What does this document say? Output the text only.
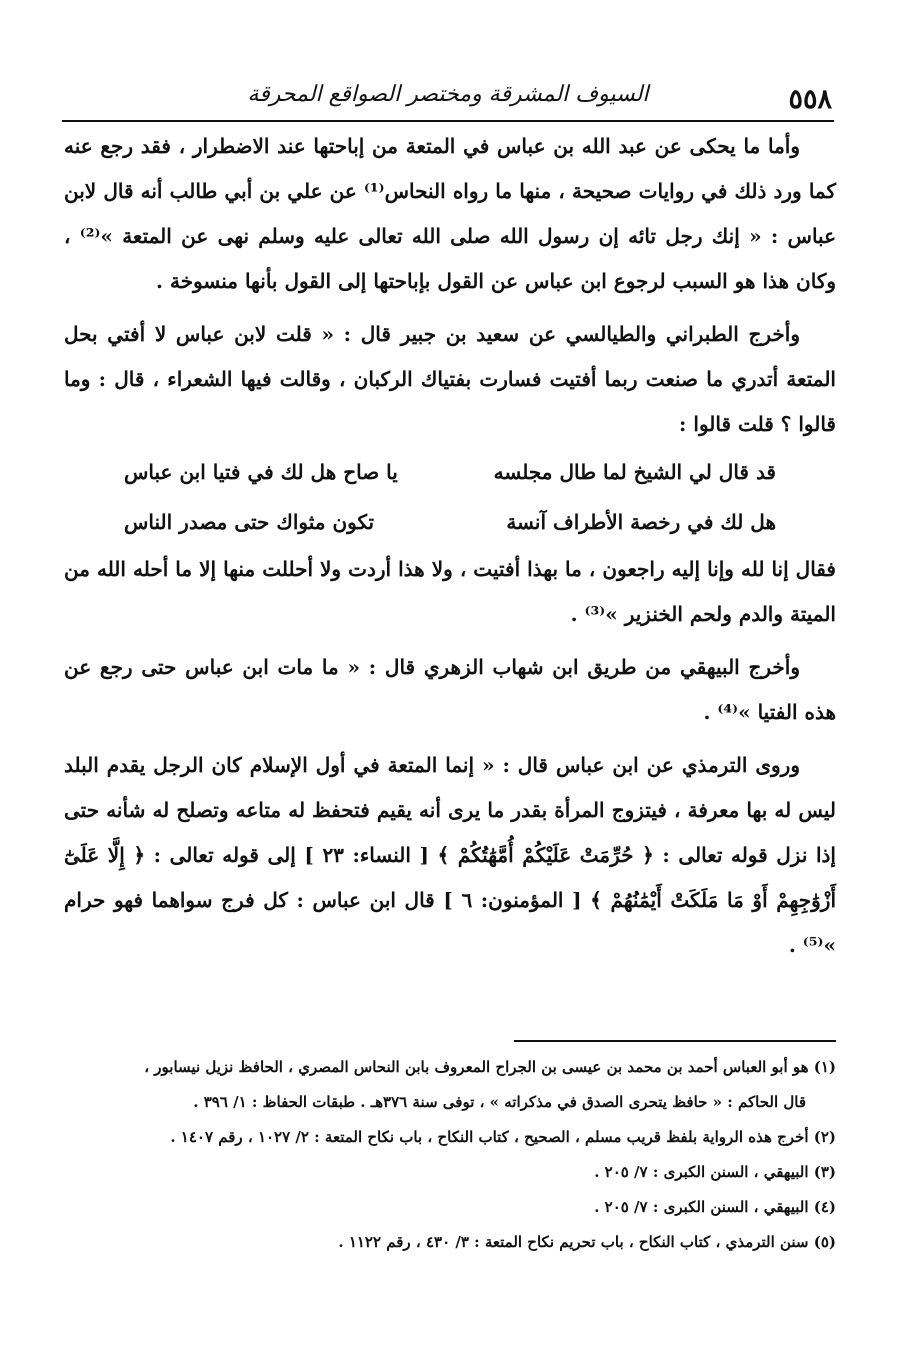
٥٥٨
السيوف المشرقة ومختصر الصواقع المحرقة

وأما ما يحكى عن عبد الله بن عباس في المتعة من إباحتها عند الاضطرار ، فقد رجع عنه كما ورد ذلك في روايات صحيحة ، منها ما رواه النحاس⁽¹⁾ عن علي بن أبي طالب أنه قال لابن عباس : « إنك رجل تائه إن رسول الله صلى الله تعالى عليه وسلم نهى عن المتعة »⁽²⁾ ، وكان هذا هو السبب لرجوع ابن عباس عن القول بإباحتها إلى القول بأنها منسوخة .

وأخرج الطبراني والطيالسي عن سعيد بن جبير قال : « قلت لابن عباس لا أفتي بحل المتعة أتدري ما صنعت ربما أفتيت فسارت بفتياك الركبان ، وقالت فيها الشعراء ، قال : وما قالوا ؟ قلت قالوا :

قد قال لي الشيخ لما طال مجلسه
يا صاح هل لك في فتيا ابن عباس
هل لك في رخصة الأطراف آنسة
تكون مثواك حتى مصدر الناس

فقال إنا لله وإنا إليه راجعون ، ما بهذا أفتيت ، ولا هذا أردت ولا أحللت منها إلا ما أحله الله من الميتة والدم ولحم الخنزير »⁽³⁾ .

وأخرج البيهقي من طريق ابن شهاب الزهري قال : « ما مات ابن عباس حتى رجع عن هذه الفتيا »⁽⁴⁾ .

وروى الترمذي عن ابن عباس قال : « إنما المتعة في أول الإسلام كان الرجل يقدم البلد ليس له بها معرفة ، فيتزوج المرأة بقدر ما يرى أنه يقيم فتحفظ له متاعه وتصلح له شأنه حتى إذا نزل قوله تعالى : ﴿ حُرِّمَتْ عَلَيْكُمْ أُمَّهَٰتُكُمْ ﴾ [ النساء: ٢٣ ] إلى قوله تعالى : ﴿ إِلَّا عَلَىٰٓ أَزْوَٰجِهِمْ أَوْ مَا مَلَكَتْ أَيْمَٰنُهُمْ ﴾ [ المؤمنون: ٦ ] قال ابن عباس : كل فرج سواهما فهو حرام »⁽⁵⁾ .

(١) هو أبو العباس أحمد بن محمد بن عيسى بن الجراح المعروف بابن النحاس المصري ، الحافظ نزيل نيسابور ،

قال الحاكم : « حافظ يتحرى الصدق في مذكراته » ، توفى سنة ٣٧٦هـ . طبقات الحفاظ : ١/ ٣٩٦ .

(٢) أخرج هذه الرواية بلفظ قريب مسلم ، الصحيح ، كتاب النكاح ، باب نكاح المتعة : ٢/ ١٠٢٧ ، رقم ١٤٠٧ .

(٣) البيهقي ، السنن الكبرى : ٧/ ٢٠٥ .

(٤) البيهقي ، السنن الكبرى : ٧/ ٢٠٥ .

(٥) سنن الترمذي ، كتاب النكاح ، باب تحريم نكاح المتعة : ٣/ ٤٣٠ ، رقم ١١٢٢ .
